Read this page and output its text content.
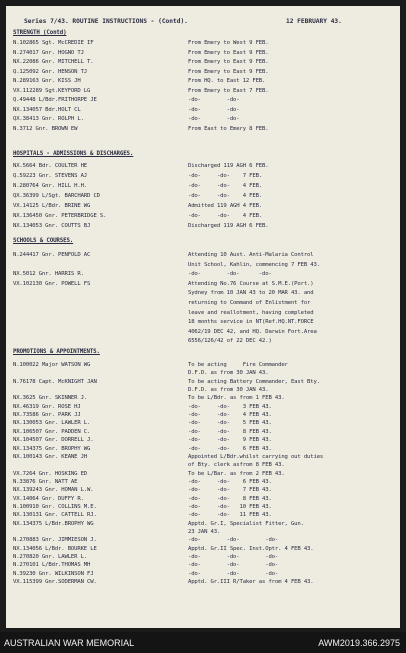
Series 7/43. ROUTINE INSTRUCTIONS - (Contd).	12 FEBRUARY 43.
STRENGTH (Contd)
N.102865 Sgt. McCREDIE IF	From Emery to West 9 FEB.
N.274017 Gnr. HOGNO TJ	From Emery to East 9 FEB.
NX.22086 Gnr. MITCHELL T.	From Emery to East 9 FEB.
Q.125092 Gnr. HENSON TJ	From Emery to East 9 FEB.
N.289163 Gnr. KISS JH	From HQ. to East 12 FEB.
VX.112289 Sgt.KEYFORD LG	From Emery to East 7 FEB.
Q.49448 L/Bdr.FRITHORPE JE	-do-        -do-
NX.134057 Bdr.HOLT CL	-do-        -do-
QX.38413 Gnr. ROLPH L.	-do-        -do-
N.3712 Gnr. BROWN EW	From East to Emery 8 FEB.
HOSPITALS - ADMISSIONS & DISCHARGES.
NX.5664 Bdr. COULTER HE	Discharged 119 AGH 6 FEB.
Q.59223 Gnr. STEVENS AJ	-do-     -do-    7 FEB.
N.280764 Gnr. HILL H.H.	-do-     -do-    4 FEB.
QX.36399 L/Sgt. BARCHARD CD	-do-     -do-    4 FEB.
VX.14125 L/Bdr. BRINE WG	Admitted 119 AGH 4 FEB.
NX.136450 Gnr. PETERBRIDGE S.	-do-     -do-    4 FEB.
NX.134053 Gnr. COUTTS BJ	Discharged 119 AGH 6 FEB.
SCHOOLS & COURSES.
N.244417 Gnr. PENFOLD AC	Attending 10 Aust. Anti-Malaria Control
Unit School, Kahlin, commencing 7 FEB 43.
NX.5012 Gnr. HARRIS R.	-do-        -do-      -do-
VX.102130 Gnr. POWELL FS	Attending No.76 Course at S.M.E.(Port.)
Sydney from 10 JAN 43 to 20 MAR 43. and
returning to Command of Enlistment for
leave and reallotment, having completed
18 months service in NT(Ref.HQ.NT.FORCE
4062/19 DEC 42, and HQ. Darwin Fort.Area
6556/126/42 of 22 DEC 42.)
PROMOTIONS & APPOINTMENTS.
N.100022 Major WATSON WG	To be acting     Fire Commander
D.F.D. as from 30 JAN 43.
N.76178 Capt. McKNIGHT JAN	To be acting Battery Commander, East Bty.
D.F.D. as from 30 JAN 43.
NX.3625 Gnr. SKINNER J.	To be L/Bdr. as from 1 FEB 43.
NX.46319 Gnr. ROSE HJ	-do-     -do-    3 FEB 43.
NX.73586 Gnr. PARK JJ	-do-     -do-    4 FEB 43.
NX.130053 Gnr. LAWLER L.	-do-     -do-    5 FEB 43.
NX.106507 Gnr. PADDEN C.	-do-     -do-    8 FEB 43.
NX.104507 Gnr. DORRELL J.	-do-     -do-    9 FEB 43.
NX.134375 Gnr. BROPHY WG	-do-     -do-    6 FEB 43.
NX.100143 Gnr. KEANE JH	Appointed L/Bdr.whilst carrying out duties
of Bty. clerk asfrom 8 FEB 43.
VX.7264 Gnr. HOSKING ED	To be L/Bar. as from 2 FEB 43.
N.33876 Gnr. NATT AE	-do-     -do-    6 FEB 43.
NX.139243 Gnr. HOMAN L.W.	-do-     -do-    7 FEB 43.
VX.14064 Gnr. DUFFY R.	-do-     -do-    8 FEB 43.
N.100910 Gnr. COLLINS M.E.	-do-     -do-   10 FEB 43.
NX.130131 Gnr. CATTELL RJ.	-do-     -do-   11 FEB 43.
NX.134375 L/Bdr.BROPHY WG	Apptd. Gr.I, Specialist Fitter, Gun.
23 JAN 43.
N.270883 Gnr. JIMMIESON J.	-do-        -do-        -do-
NX.134056 L/Bdr. BOURKE LE	Apptd. Gr.II Spec. Inst.Optr. 4 FEB 43.
N.270820 Gnr. LAWLER L.	-do-        -do-        -do-
N.270101 L/Bdr.THOMAS MH	-do-        -do-        -do-
N.39230 Gnr. WILKINSON FJ	-do-        -do-        -do-
VX.115399 Gnr.SODERMAN CW.	Apptd. Gr.III R/Taker as from 4 FEB 43.
AUSTRALIAN WAR MEMORIAL	AWM2019.366.2975
